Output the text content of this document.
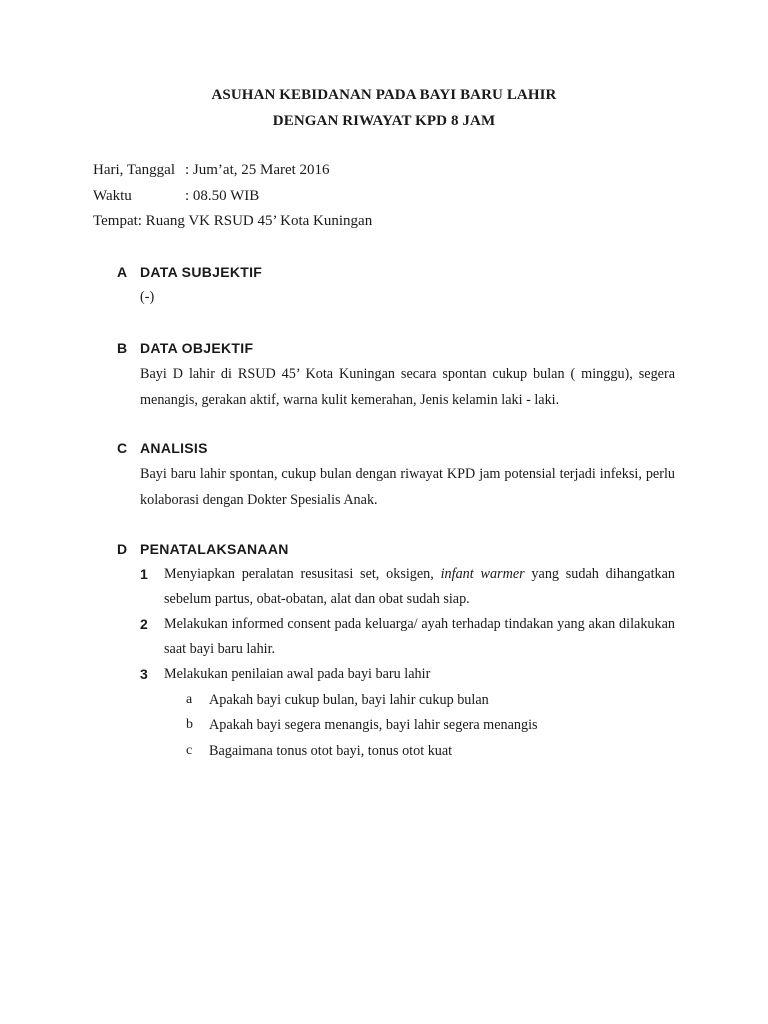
ASUHAN KEBIDANAN PADA BAYI BARU LAHIR
DENGAN RIWAYAT KPD 8 JAM
Hari, Tanggal : Jum’at, 25 Maret 2016
Waktu	: 08.50 WIB
Tempat: Ruang VK RSUD 45’ Kota Kuningan
A DATA SUBJEKTIF
(-)
B DATA OBJEKTIF
Bayi D lahir di RSUD 45’ Kota Kuningan secara spontan cukup bulan ( minggu), segera menangis, gerakan aktif, warna kulit kemerahan, Jenis kelamin laki - laki.
C ANALISIS
Bayi baru lahir spontan, cukup bulan dengan riwayat KPD jam potensial terjadi infeksi, perlu kolaborasi dengan Dokter Spesialis Anak.
D PENATALAKSANAAN
1 Menyiapkan peralatan resusitasi set, oksigen, infant warmer yang sudah dihangatkan sebelum partus, obat-obatan, alat dan obat sudah siap.
2 Melakukan informed consent pada keluarga/ ayah terhadap tindakan yang akan dilakukan saat bayi baru lahir.
3 Melakukan penilaian awal pada bayi baru lahir
a Apakah bayi cukup bulan, bayi lahir cukup bulan
b Apakah bayi segera menangis, bayi lahir segera menangis
c Bagaimana tonus otot bayi, tonus otot kuat
